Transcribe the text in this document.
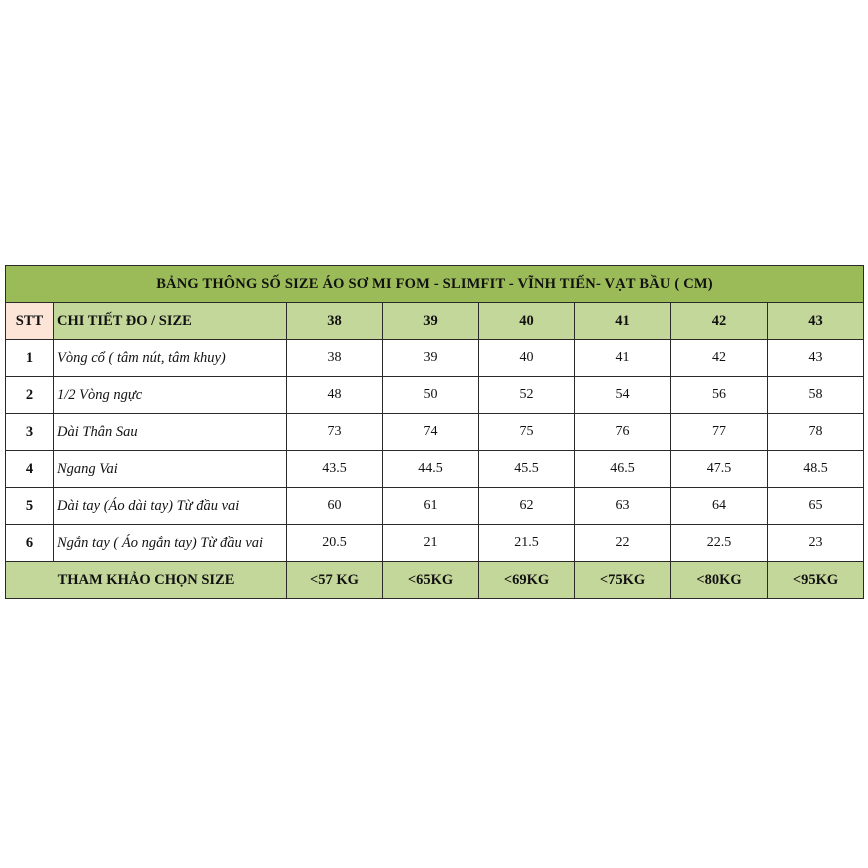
BẢNG THÔNG SỐ SIZE ÁO SƠ MI FOM - SLIMFIT - VĨNH TIẾN- VẠT BẦU ( CM)							
STT	CHI TIẾT ĐO / SIZE	38	39	40	41	42	43
1	Vòng cổ ( tâm nút, tâm khuy)	38	39	40	41	42	43
2	1/2 Vòng ngực	48	50	52	54	56	58
3	Dài Thân Sau	73	74	75	76	77	78
4	Ngang Vai	43.5	44.5	45.5	46.5	47.5	48.5
5	Dài tay (Áo dài tay) Từ đầu vai	60	61	62	63	64	65
6	Ngắn tay ( Áo ngắn tay) Từ đầu vai	20.5	21	21.5	22	22.5	23
THAM KHẢO CHỌN SIZE		<57 KG	<65KG	<69KG	<75KG	<80KG	<95KG
